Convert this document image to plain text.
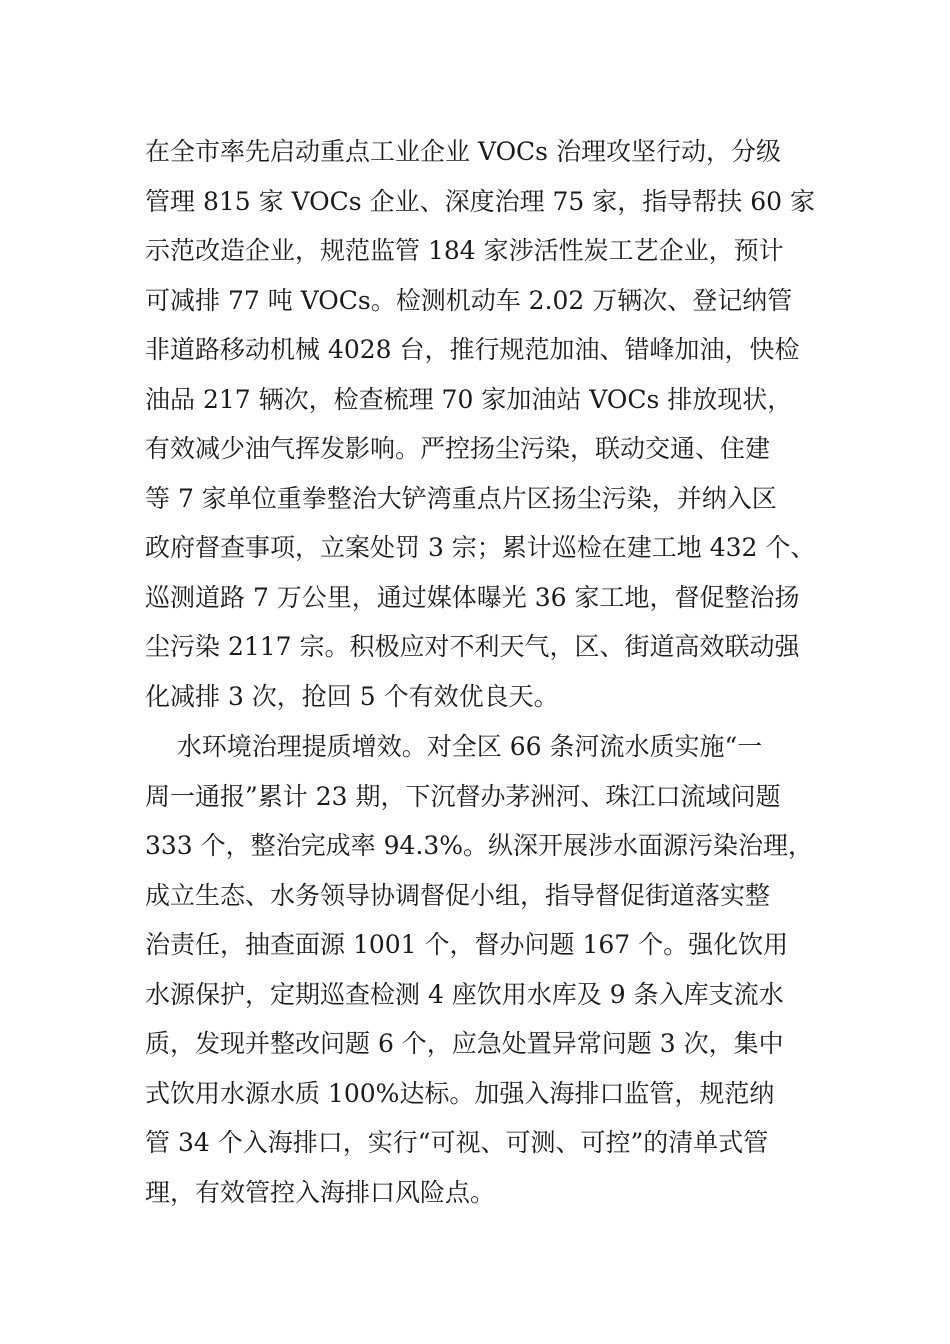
在全市率先启动重点工业企业 VOCs 治理攻坚行动，分级
管理 815 家 VOCs 企业、深度治理 75 家，指导帮扶 60 家
示范改造企业，规范监管 184 家涉活性炭工艺企业，预计
可减排 77 吨 VOCs。检测机动车 2.02 万辆次、登记纳管
非道路移动机械 4028 台，推行规范加油、错峰加油，快检
油品 217 辆次，检查梳理 70 家加油站 VOCs 排放现状，
有效减少油气挥发影响。严控扬尘污染，联动交通、住建
等 7 家单位重拳整治大铲湾重点片区扬尘污染，并纳入区
政府督查事项，立案处罚 3 宗；累计巡检在建工地 432 个、
巡测道路 7 万公里，通过媒体曝光 36 家工地，督促整治扬
尘污染 2117 宗。积极应对不利天气，区、街道高效联动强
化减排 3 次，抢回 5 个有效优良天。
水环境治理提质增效。对全区 66 条河流水质实施“一
周一通报”累计 23 期，下沉督办茅洲河、珠江口流域问题
333 个，整治完成率 94.3%。纵深开展涉水面源污染治理，
成立生态、水务领导协调督促小组，指导督促街道落实整
治责任，抽查面源 1001 个，督办问题 167 个。强化饮用
水源保护，定期巡查检测 4 座饮用水库及 9 条入库支流水
质，发现并整改问题 6 个，应急处置异常问题 3 次，集中
式饮用水源水质 100%达标。加强入海排口监管，规范纳
管 34 个入海排口，实行“可视、可测、可控”的清单式管
理，有效管控入海排口风险点。
